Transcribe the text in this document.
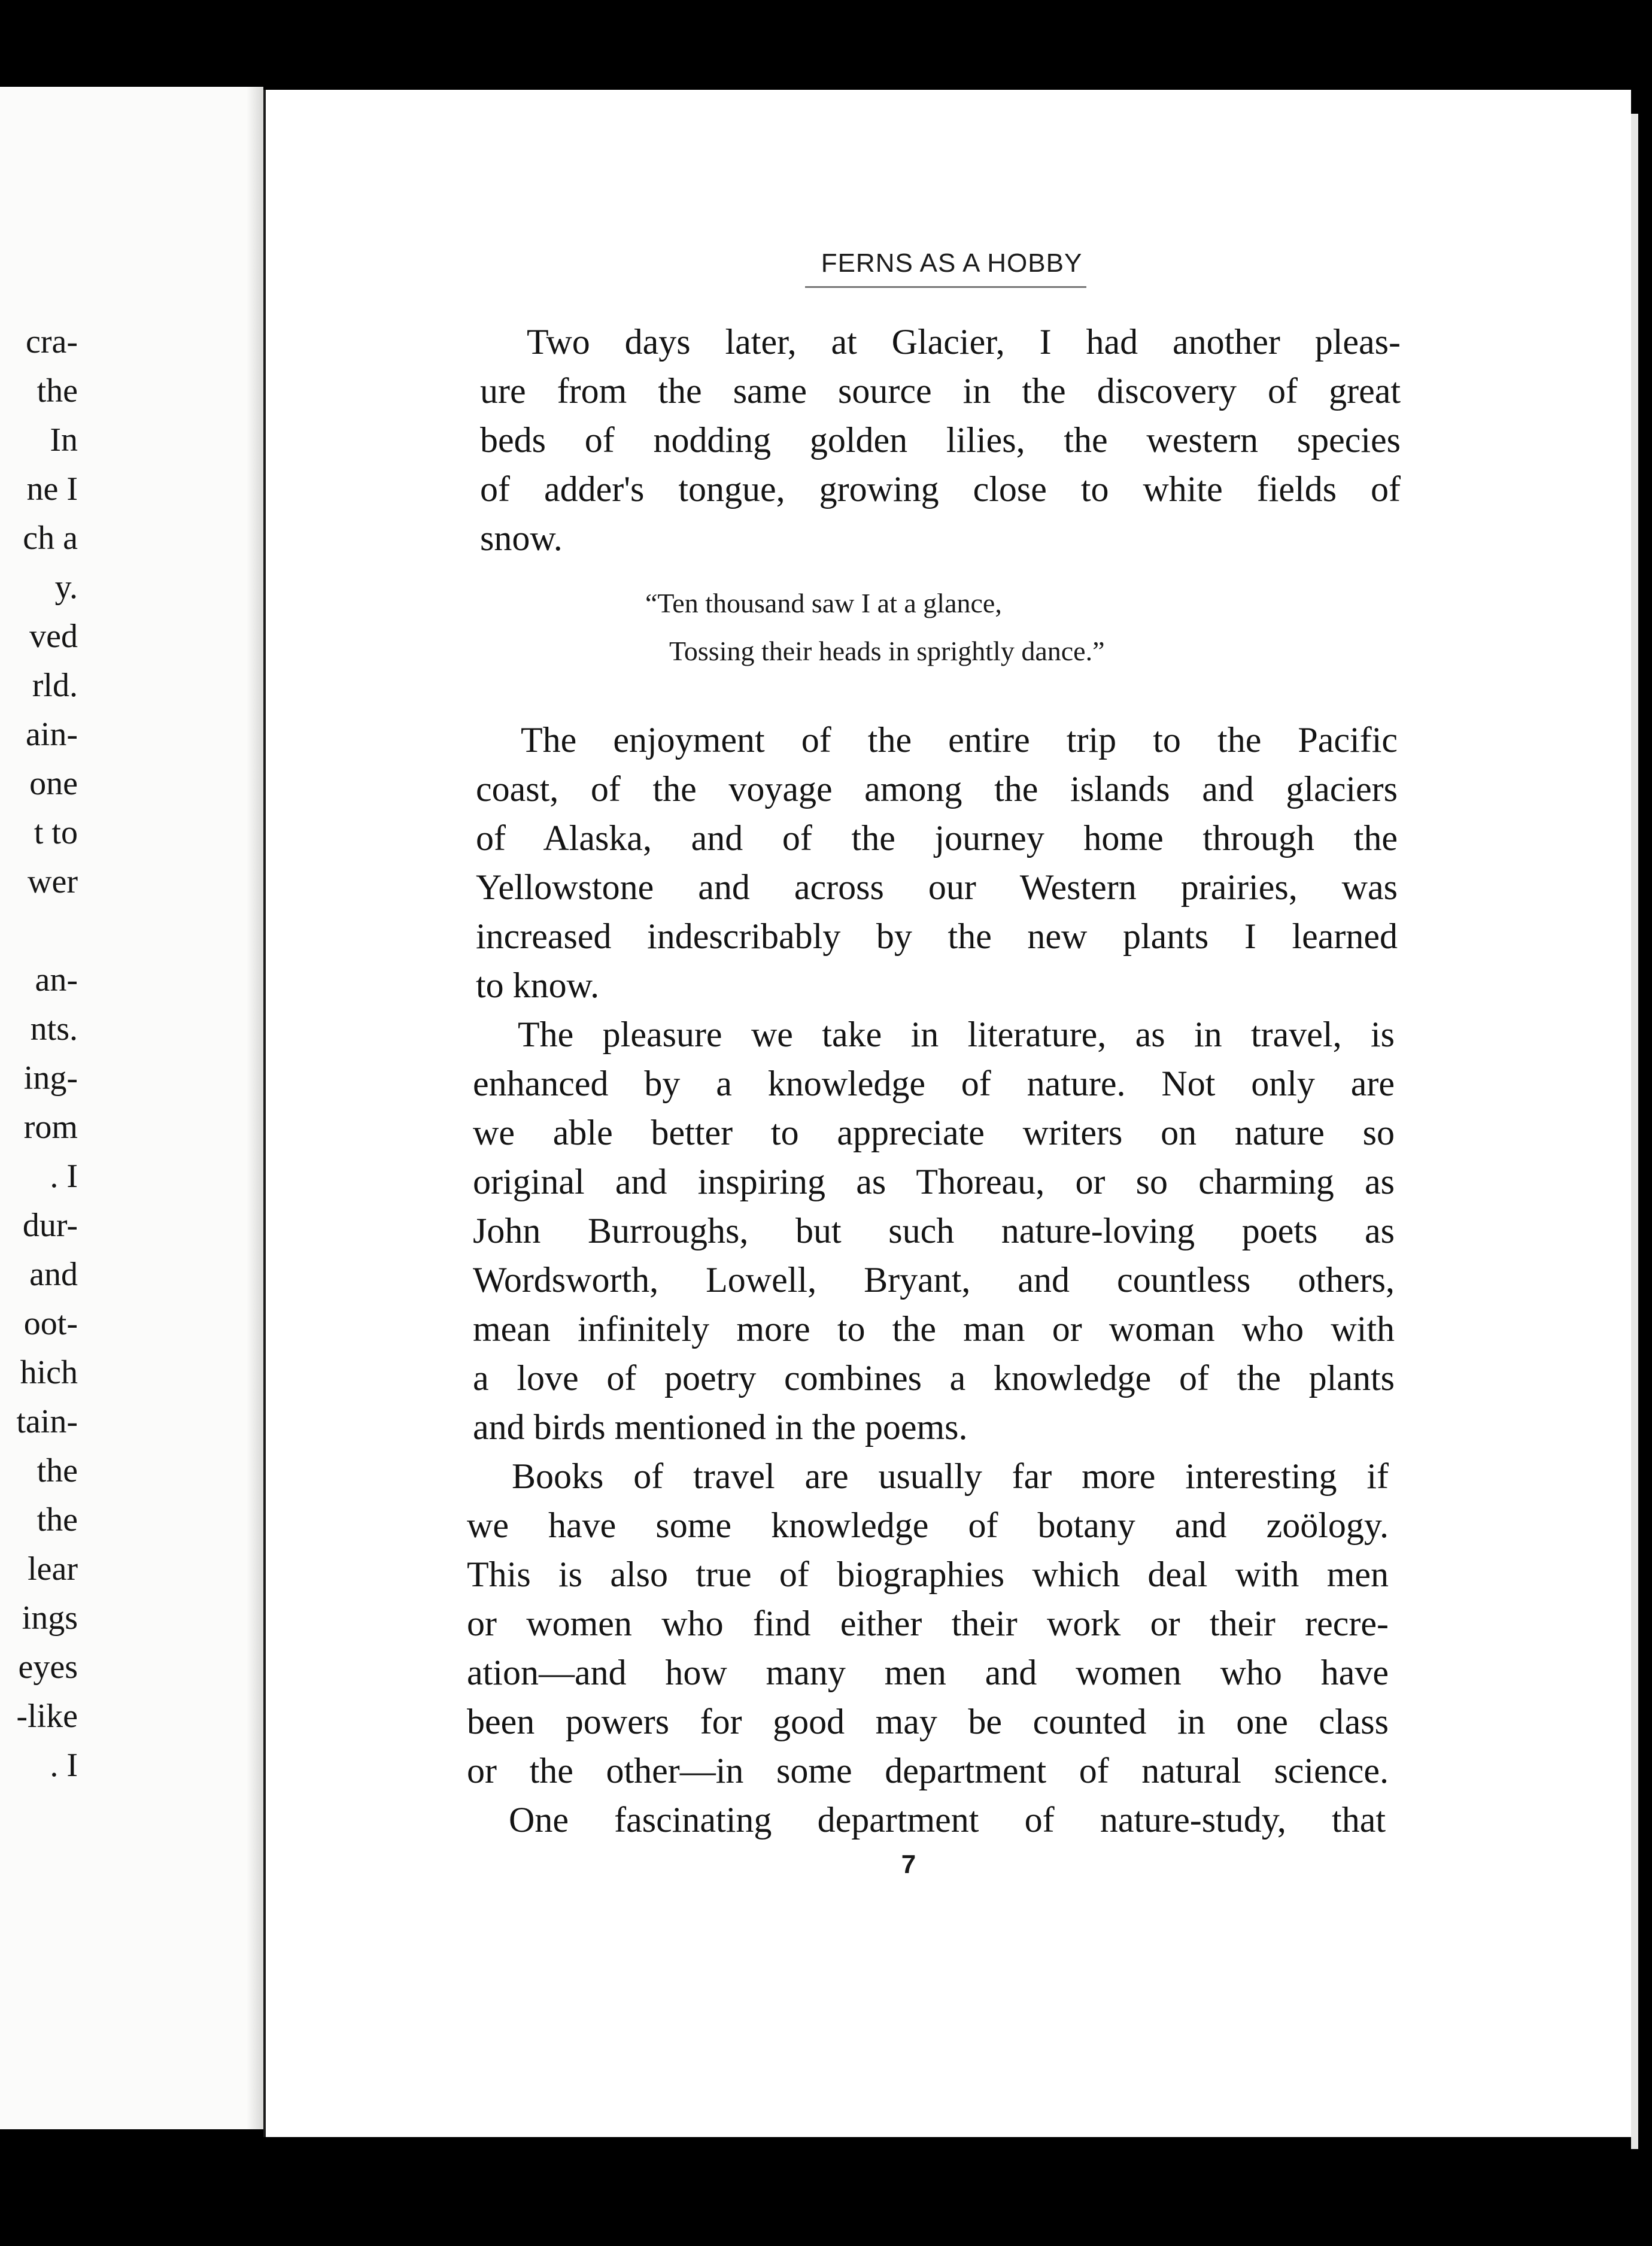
cra-
the
In
ne I
ch a
y.
ved
rld.
ain-
one
t to
wer
an-
nts.
ing-
rom
. I
dur-
and
oot-
hich
tain-
the
the
lear
ings
eyes
-like
. I
FERNS AS A HOBBY
Two days later, at Glacier, I had another pleas-
ure from the same source in the discovery of great
beds of nodding golden lilies, the western species
of adder's tongue, growing close to white fields of
snow.
“Ten thousand saw I at a glance,
Tossing their heads in sprightly dance.”
The enjoyment of the entire trip to the Pacific
coast, of the voyage among the islands and glaciers
of Alaska, and of the journey home through the
Yellowstone and across our Western prairies, was
increased indescribably by the new plants I learned
to know.
The pleasure we take in literature, as in travel, is
enhanced by a knowledge of nature. Not only are
we able better to appreciate writers on nature so
original and inspiring as Thoreau, or so charming as
John Burroughs, but such nature-loving poets as
Wordsworth, Lowell, Bryant, and countless others,
mean infinitely more to the man or woman who with
a love of poetry combines a knowledge of the plants
and birds mentioned in the poems.
Books of travel are usually far more interesting if
we have some knowledge of botany and zoölogy.
This is also true of biographies which deal with men
or women who find either their work or their recre-
ation—and how many men and women who have
been powers for good may be counted in one class
or the other—in some department of natural science.
One fascinating department of nature-study, that
7
